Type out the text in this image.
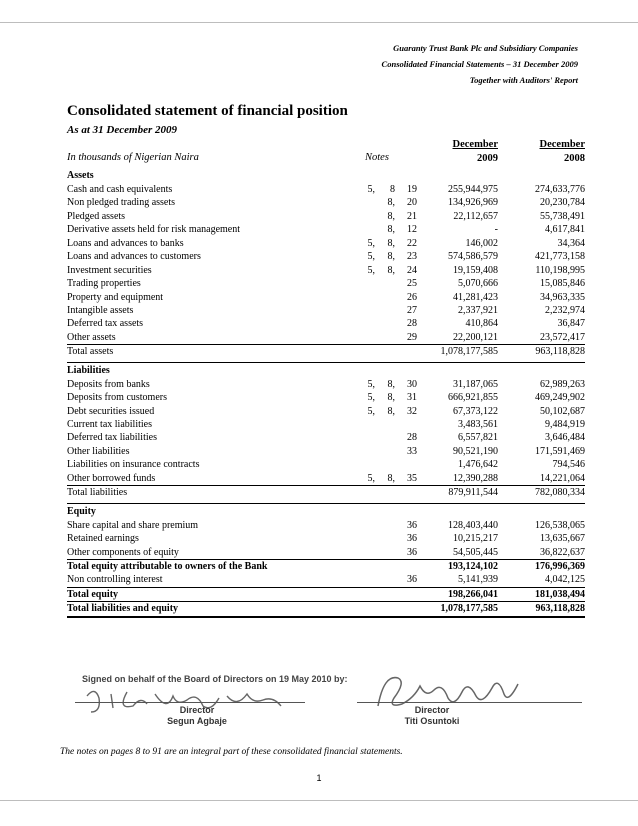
Guaranty Trust Bank Plc and Subsidiary Companies
Consolidated Financial Statements – 31 December 2009
Together with Auditors' Report
Consolidated statement of financial position
As at 31 December 2009
December
2009
December
2008
In thousands of Nigerian Naira	Notes
Assets
Cash and cash equivalents	5, 8 19	255,944,975	274,633,776
Non pledged trading assets	8, 20	134,926,969	20,230,784
Pledged assets	8, 21	22,112,657	55,738,491
Derivative assets held for risk management	8, 12	-	4,617,841
Loans and advances to banks	5, 8, 22	146,002	34,364
Loans and advances to customers	5, 8, 23	574,586,579	421,773,158
Investment securities	5, 8, 24	19,159,408	110,198,995
Trading properties	25	5,070,666	15,085,846
Property and equipment	26	41,281,423	34,963,335
Intangible assets	27	2,337,921	2,232,974
Deferred tax assets	28	410,864	36,847
Other assets	29	22,200,121	23,572,417
Total assets	1,078,177,585	963,118,828
Liabilities
Deposits from banks	5, 8, 30	31,187,065	62,989,263
Deposits from customers	5, 8, 31	666,921,855	469,249,902
Debt securities issued	5, 8, 32	67,373,122	50,102,687
Current tax liabilities	3,483,561	9,484,919
Deferred tax liabilities	28	6,557,821	3,646,484
Other liabilities	33	90,521,190	171,591,469
Liabilities on insurance contracts	1,476,642	794,546
Other borrowed funds	5, 8, 35	12,390,288	14,221,064
Total liabilities	879,911,544	782,080,334
Equity
Share capital and share premium	36	128,403,440	126,538,065
Retained earnings	36	10,215,217	13,635,667
Other components of equity	36	54,505,445	36,822,637
Total equity attributable to owners of the Bank	193,124,102	176,996,369
Non controlling interest	36	5,141,939	4,042,125
Total equity	198,266,041	181,038,494
Total liabilities and equity	1,078,177,585	963,118,828
Signed on behalf of the Board of Directors on 19 May 2010 by:
Director
Segun Agbaje
Director
Titi Osuntoki
The notes on pages 8 to 91 are an integral part of these consolidated financial statements.
1
